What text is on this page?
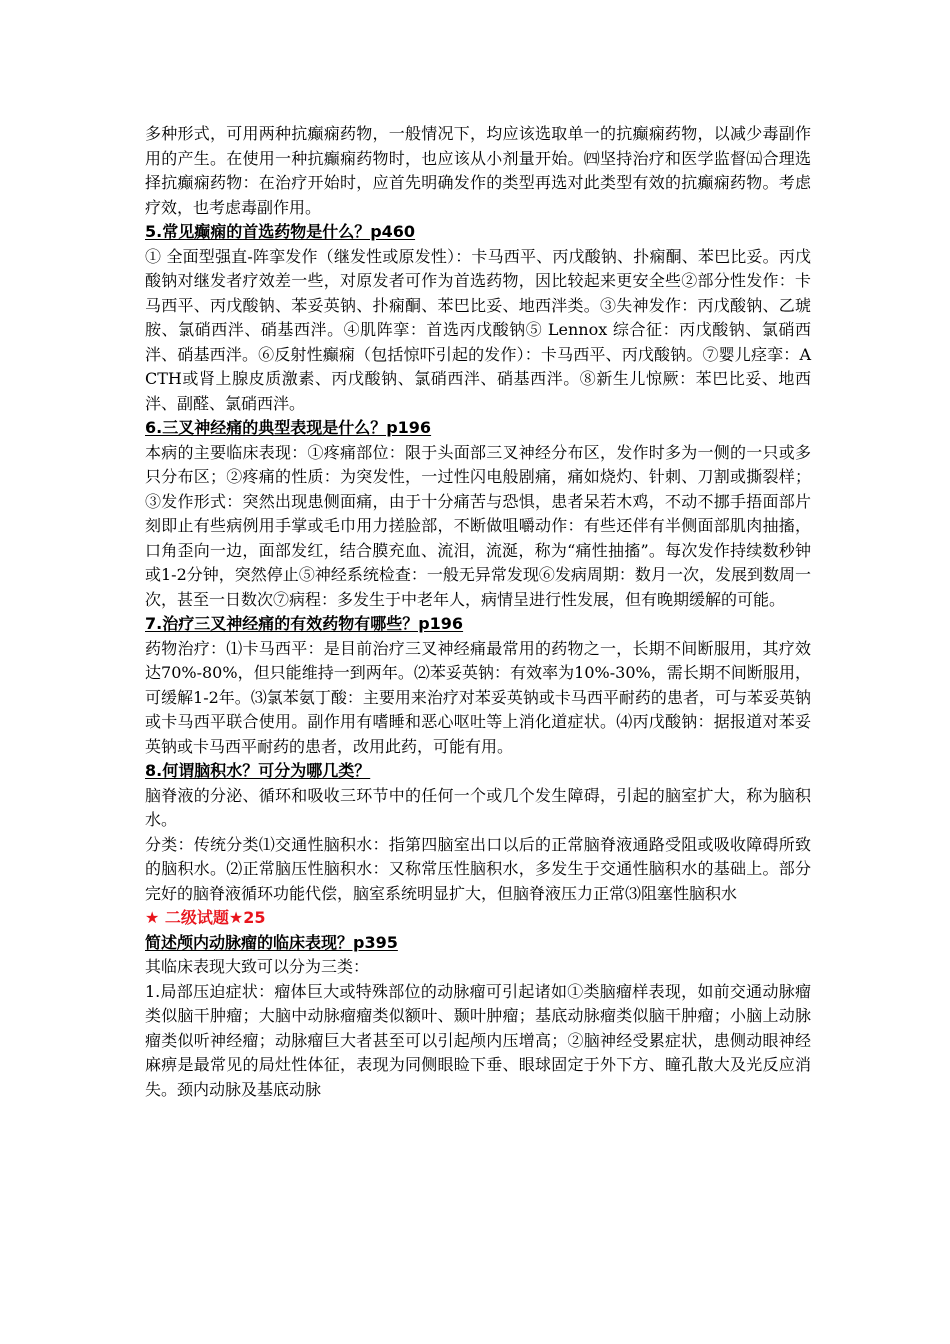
多种形式，可用两种抗癫痫药物，一般情况下，均应该选取单一的抗癫痫药物，以减少毒副作用的产生。在使用一种抗癫痫药物时，也应该从小剂量开始。㈣坚持治疗和医学监督㈤合理选择抗癫痫药物：在治疗开始时，应首先明确发作的类型再选对此类型有效的抗癫痫药物。考虑疗效，也考虑毒副作用。

5.常见癫痫的首选药物是什么？p460

① 全面型强直-阵挛发作（继发性或原发性）：卡马西平、丙戊酸钠、扑痫酮、苯巴比妥。丙戊酸钠对继发者疗效差一些，对原发者可作为首选药物，因比较起来更安全些②部分性发作：卡马西平、丙戊酸钠、苯妥英钠、扑痫酮、苯巴比妥、地西泮类。③失神发作：丙戊酸钠、乙琥胺、氯硝西泮、硝基西泮。④肌阵挛：首选丙戊酸钠⑤ Lennox 综合征：丙戊酸钠、氯硝西泮、硝基西泮。⑥反射性癫痫（包括惊吓引起的发作）：卡马西平、丙戊酸钠。⑦婴儿痉挛：ACTH或肾上腺皮质激素、丙戊酸钠、氯硝西泮、硝基西泮。⑧新生儿惊厥：苯巴比妥、地西泮、副醛、氯硝西泮。

6.三叉神经痛的典型表现是什么？p196

本病的主要临床表现：①疼痛部位：限于头面部三叉神经分布区，发作时多为一侧的一只或多只分布区；②疼痛的性质：为突发性，一过性闪电般剧痛，痛如烧灼、针刺、刀割或撕裂样；③发作形式：突然出现患侧面痛，由于十分痛苦与恐惧，患者呆若木鸡，不动不挪手捂面部片刻即止有些病例用手掌或毛巾用力搓脸部，不断做咀嚼动作：有些还伴有半侧面部肌肉抽搐，口角歪向一边，面部发红，结合膜充血、流泪，流涎，称为“痛性抽搐”。每次发作持续数秒钟或1-2分钟，突然停止⑤神经系统检查：一般无异常发现⑥发病周期：数月一次，发展到数周一次，甚至一日数次⑦病程：多发生于中老年人，病情呈进行性发展，但有晚期缓解的可能。

7.治疗三叉神经痛的有效药物有哪些？p196

药物治疗：⑴卡马西平：是目前治疗三叉神经痛最常用的药物之一，长期不间断服用，其疗效达70%-80%，但只能维持一到两年。⑵苯妥英钠：有效率为10%-30%，需长期不间断服用，可缓解1-2年。⑶氯苯氨丁酸：主要用来治疗对苯妥英钠或卡马西平耐药的患者，可与苯妥英钠或卡马西平联合使用。副作用有嗜睡和恶心呕吐等上消化道症状。⑷丙戊酸钠：据报道对苯妥英钠或卡马西平耐药的患者，改用此药，可能有用。

8.何谓脑积水？可分为哪几类？

脑脊液的分泌、循环和吸收三环节中的任何一个或几个发生障碍，引起的脑室扩大，称为脑积水。

分类：传统分类⑴交通性脑积水：指第四脑室出口以后的正常脑脊液通路受阻或吸收障碍所致的脑积水。⑵正常脑压性脑积水：又称常压性脑积水，多发生于交通性脑积水的基础上。部分完好的脑脊液循环功能代偿，脑室系统明显扩大，但脑脊液压力正常⑶阻塞性脑积水

★ 二级试题★25

简述颅内动脉瘤的临床表现？p395

其临床表现大致可以分为三类：

1.局部压迫症状：瘤体巨大或特殊部位的动脉瘤可引起诸如①类脑瘤样表现，如前交通动脉瘤类似脑干肿瘤；大脑中动脉瘤瘤类似额叶、颞叶肿瘤；基底动脉瘤类似脑干肿瘤；小脑上动脉瘤类似听神经瘤；动脉瘤巨大者甚至可以引起颅内压增高；②脑神经受累症状，患侧动眼神经麻痹是最常见的局灶性体征，表现为同侧眼睑下垂、眼球固定于外下方、瞳孔散大及光反应消失。颈内动脉及基底动脉
